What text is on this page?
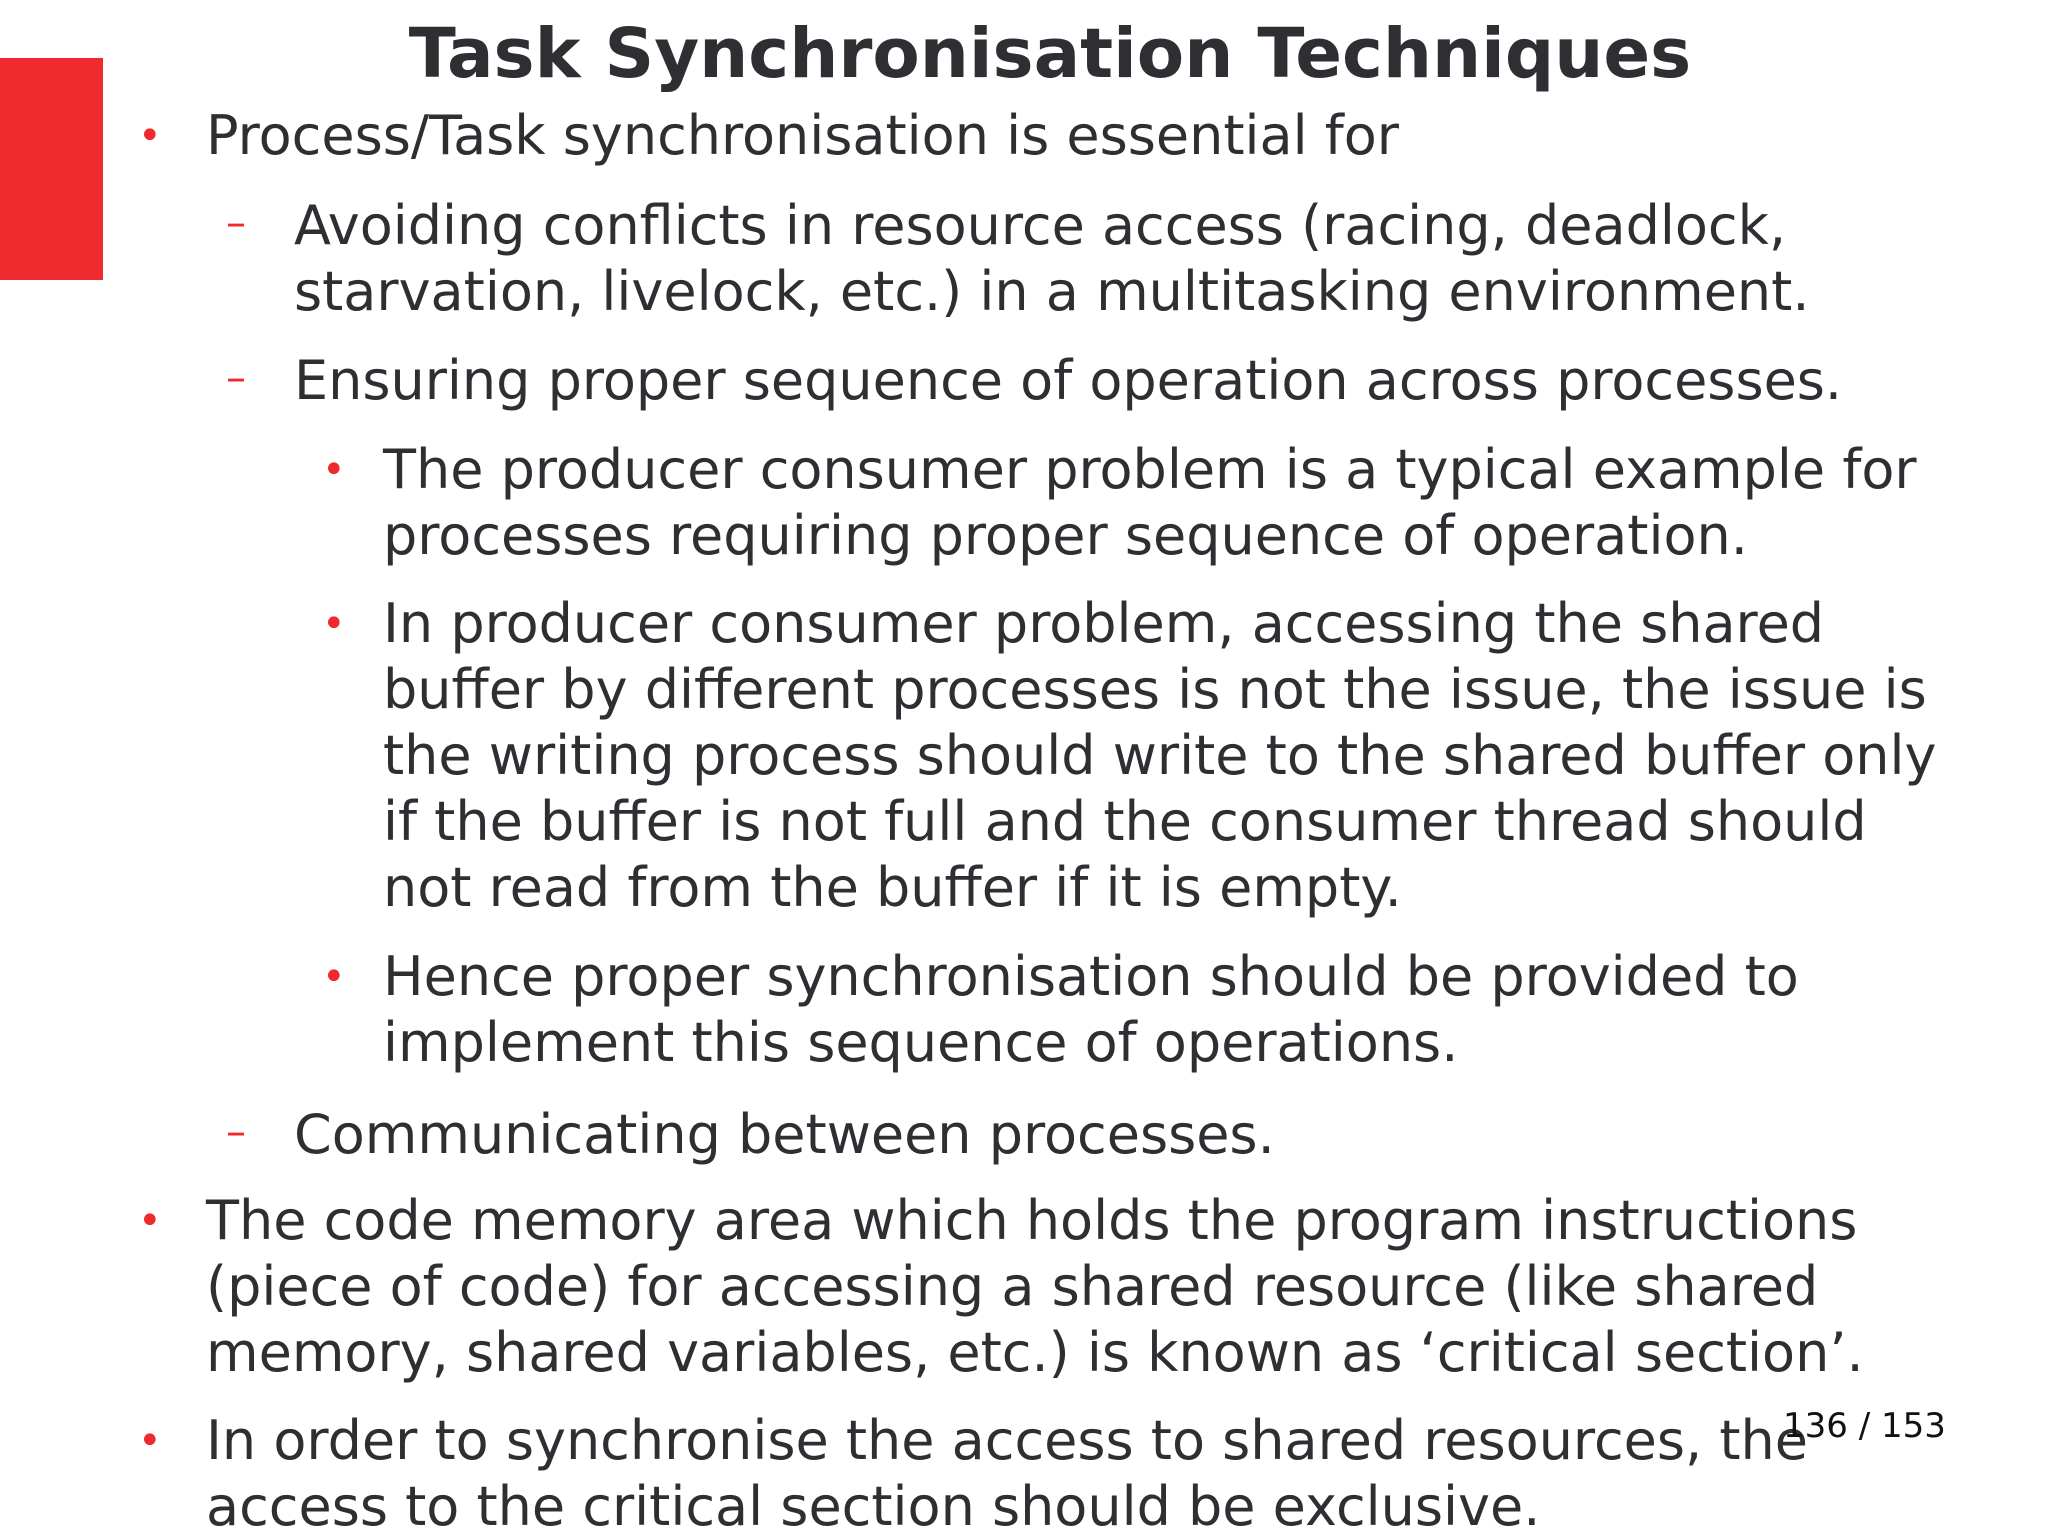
Task Synchronisation Techniques
• Process/Task synchronisation is essential for
– Avoiding conflicts in resource access (racing, deadlock,
starvation, livelock, etc.) in a multitasking environment.
– Ensuring proper sequence of operation across processes.
• The producer consumer problem is a typical example for
processes requiring proper sequence of operation.
• In producer consumer problem, accessing the shared
buffer by different processes is not the issue, the issue is
the writing process should write to the shared buffer only
if the buffer is not full and the consumer thread should
not read from the buffer if it is empty.
• Hence proper synchronisation should be provided to
implement this sequence of operations.
– Communicating between processes.
• The code memory area which holds the program instructions
(piece of code) for accessing a shared resource (like shared
memory, shared variables, etc.) is known as ‘critical section’.
• In order to synchronise the access to shared resources, the
access to the critical section should be exclusive.
136 / 153
